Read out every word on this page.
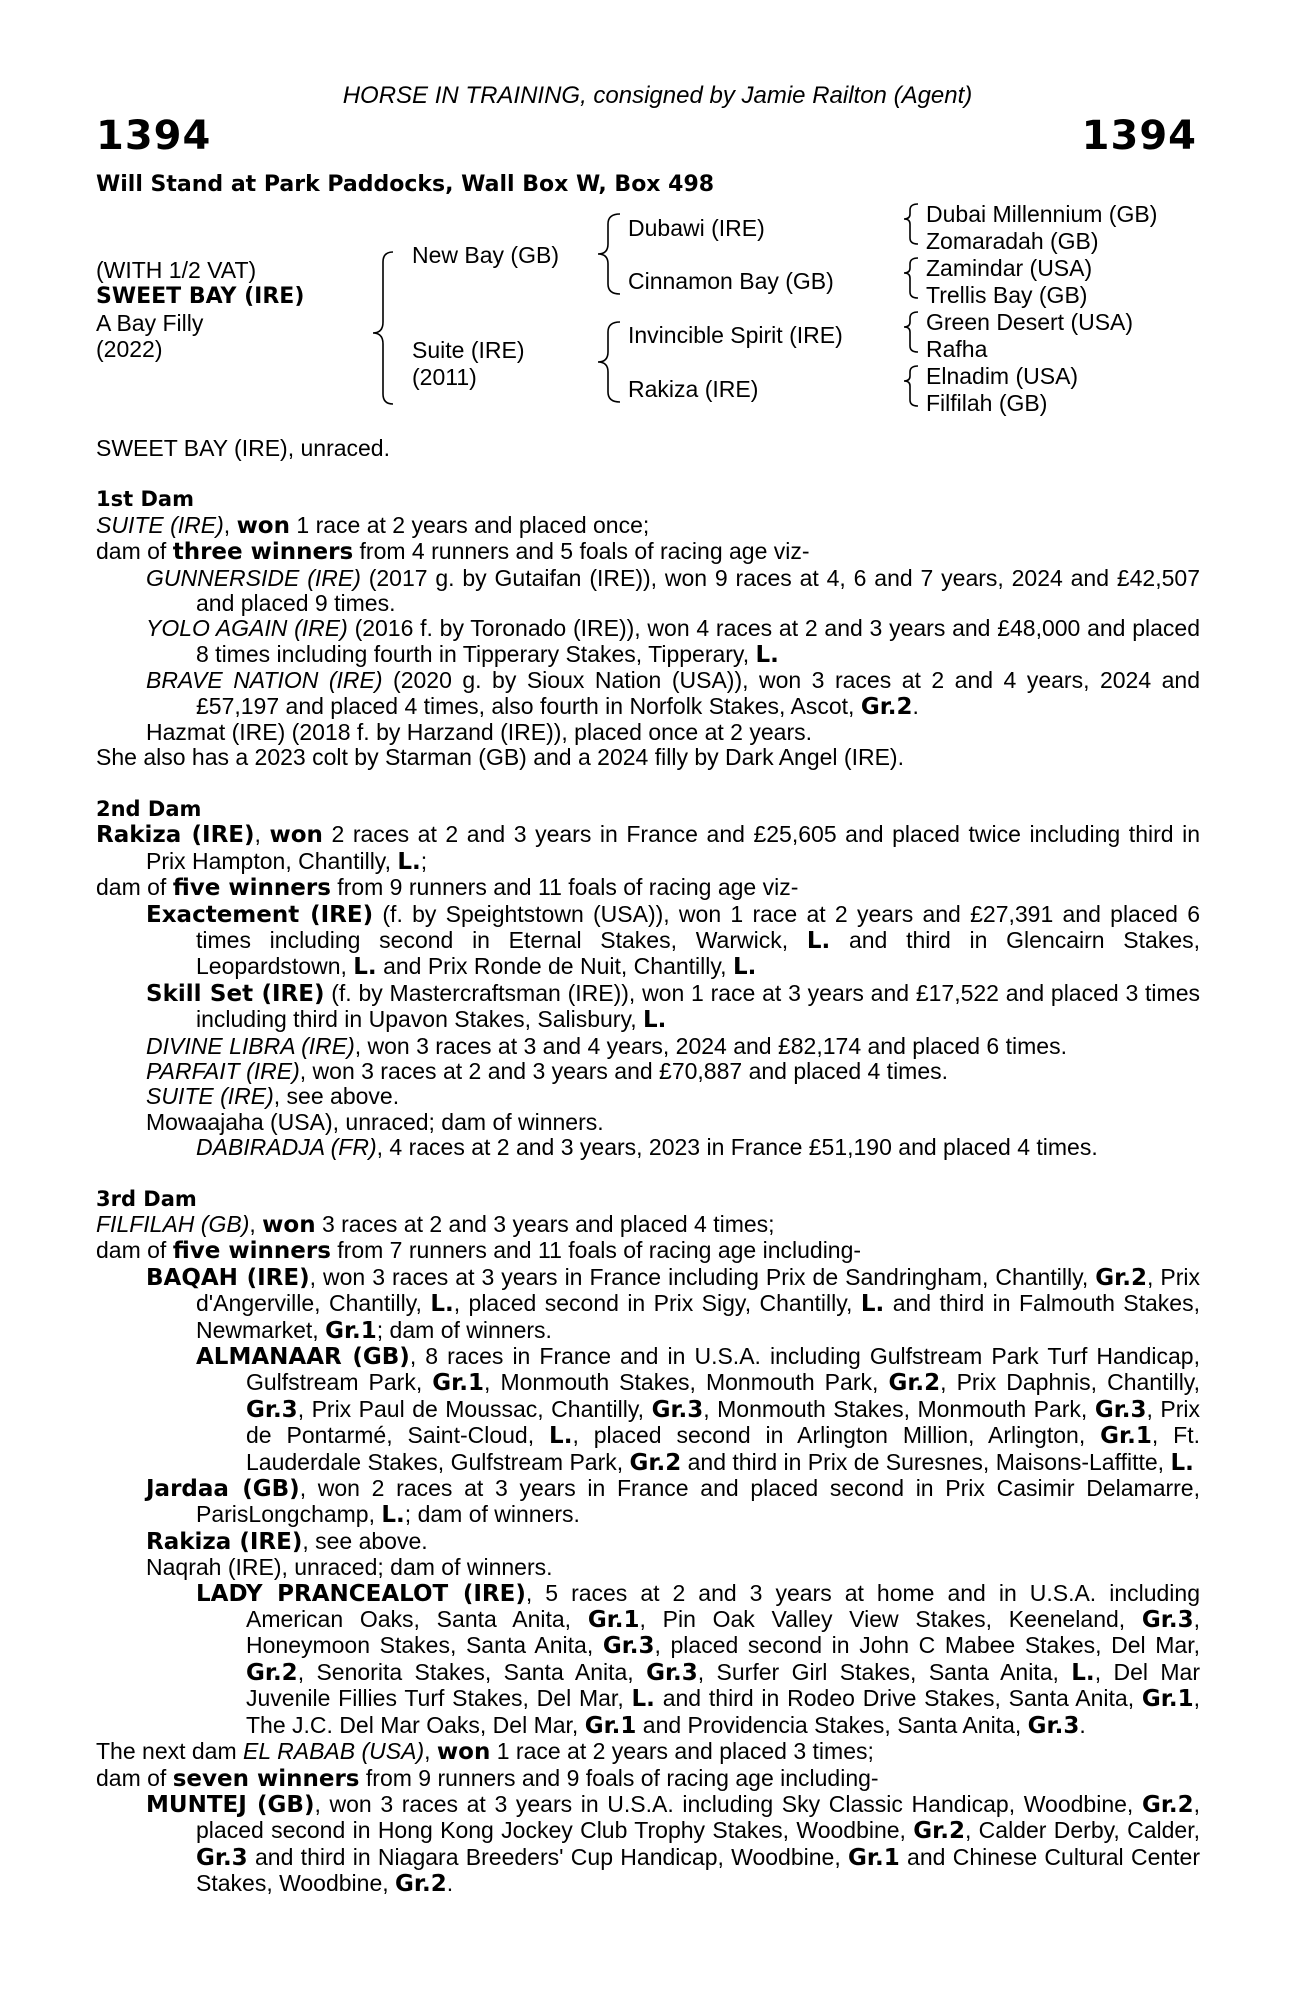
HORSE IN TRAINING, consigned by Jamie Railton (Agent)
1394	1394
Will Stand at Park Paddocks, Wall Box W, Box 498
(WITH 1/2 VAT)
SWEET BAY (IRE)
A Bay Filly
(2022)
New Bay (GB)
Suite (IRE)
(2011)
Dubawi (IRE)
Cinnamon Bay (GB)
Invincible Spirit (IRE)
Rakiza (IRE)
Dubai Millennium (GB)
Zomaradah (GB)
Zamindar (USA)
Trellis Bay (GB)
Green Desert (USA)
Rafha
Elnadim (USA)
Filfilah (GB)

SWEET BAY (IRE), unraced.

1st Dam

SUITE (IRE), won 1 race at 2 years and placed once;

dam of three winners from 4 runners and 5 foals of racing age viz-

GUNNERSIDE (IRE) (2017 g. by Gutaifan (IRE)), won 9 races at 4, 6 and 7 years, 2024 and £42,507 and placed 9 times.

YOLO AGAIN (IRE) (2016 f. by Toronado (IRE)), won 4 races at 2 and 3 years and £48,000 and placed 8 times including fourth in Tipperary Stakes, Tipperary, L.

BRAVE NATION (IRE) (2020 g. by Sioux Nation (USA)), won 3 races at 2 and 4 years, 2024 and £57,197 and placed 4 times, also fourth in Norfolk Stakes, Ascot, Gr.2.

Hazmat (IRE) (2018 f. by Harzand (IRE)), placed once at 2 years.

She also has a 2023 colt by Starman (GB) and a 2024 filly by Dark Angel (IRE).

2nd Dam

Rakiza (IRE), won 2 races at 2 and 3 years in France and £25,605 and placed twice including third in Prix Hampton, Chantilly, L.;

dam of five winners from 9 runners and 11 foals of racing age viz-

Exactement (IRE) (f. by Speightstown (USA)), won 1 race at 2 years and £27,391 and placed 6 times including second in Eternal Stakes, Warwick, L. and third in Glencairn Stakes, Leopardstown, L. and Prix Ronde de Nuit, Chantilly, L.

Skill Set (IRE) (f. by Mastercraftsman (IRE)), won 1 race at 3 years and £17,522 and placed 3 times including third in Upavon Stakes, Salisbury, L.

DIVINE LIBRA (IRE), won 3 races at 3 and 4 years, 2024 and £82,174 and placed 6 times.

PARFAIT (IRE), won 3 races at 2 and 3 years and £70,887 and placed 4 times.

SUITE (IRE), see above.

Mowaajaha (USA), unraced; dam of winners.

DABIRADJA (FR), 4 races at 2 and 3 years, 2023 in France £51,190 and placed 4 times.

3rd Dam

FILFILAH (GB), won 3 races at 2 and 3 years and placed 4 times;

dam of five winners from 7 runners and 11 foals of racing age including-

BAQAH (IRE), won 3 races at 3 years in France including Prix de Sandringham, Chantilly, Gr.2, Prix d'Angerville, Chantilly, L., placed second in Prix Sigy, Chantilly, L. and third in Falmouth Stakes, Newmarket, Gr.1; dam of winners.

ALMANAAR (GB), 8 races in France and in U.S.A. including Gulfstream Park Turf Handicap, Gulfstream Park, Gr.1, Monmouth Stakes, Monmouth Park, Gr.2, Prix Daphnis, Chantilly, Gr.3, Prix Paul de Moussac, Chantilly, Gr.3, Monmouth Stakes, Monmouth Park, Gr.3, Prix de Pontarmé, Saint-Cloud, L., placed second in Arlington Million, Arlington, Gr.1, Ft. Lauderdale Stakes, Gulfstream Park, Gr.2 and third in Prix de Suresnes, Maisons-Laffitte, L.

Jardaa (GB), won 2 races at 3 years in France and placed second in Prix Casimir Delamarre, ParisLongchamp, L.; dam of winners.

Rakiza (IRE), see above.

Naqrah (IRE), unraced; dam of winners.

LADY PRANCEALOT (IRE), 5 races at 2 and 3 years at home and in U.S.A. including American Oaks, Santa Anita, Gr.1, Pin Oak Valley View Stakes, Keeneland, Gr.3, Honeymoon Stakes, Santa Anita, Gr.3, placed second in John C Mabee Stakes, Del Mar, Gr.2, Senorita Stakes, Santa Anita, Gr.3, Surfer Girl Stakes, Santa Anita, L., Del Mar Juvenile Fillies Turf Stakes, Del Mar, L. and third in Rodeo Drive Stakes, Santa Anita, Gr.1, The J.C. Del Mar Oaks, Del Mar, Gr.1 and Providencia Stakes, Santa Anita, Gr.3.

The next dam EL RABAB (USA), won 1 race at 2 years and placed 3 times;

dam of seven winners from 9 runners and 9 foals of racing age including-

MUNTEJ (GB), won 3 races at 3 years in U.S.A. including Sky Classic Handicap, Woodbine, Gr.2, placed second in Hong Kong Jockey Club Trophy Stakes, Woodbine, Gr.2, Calder Derby, Calder, Gr.3 and third in Niagara Breeders' Cup Handicap, Woodbine, Gr.1 and Chinese Cultural Center Stakes, Woodbine, Gr.2.
